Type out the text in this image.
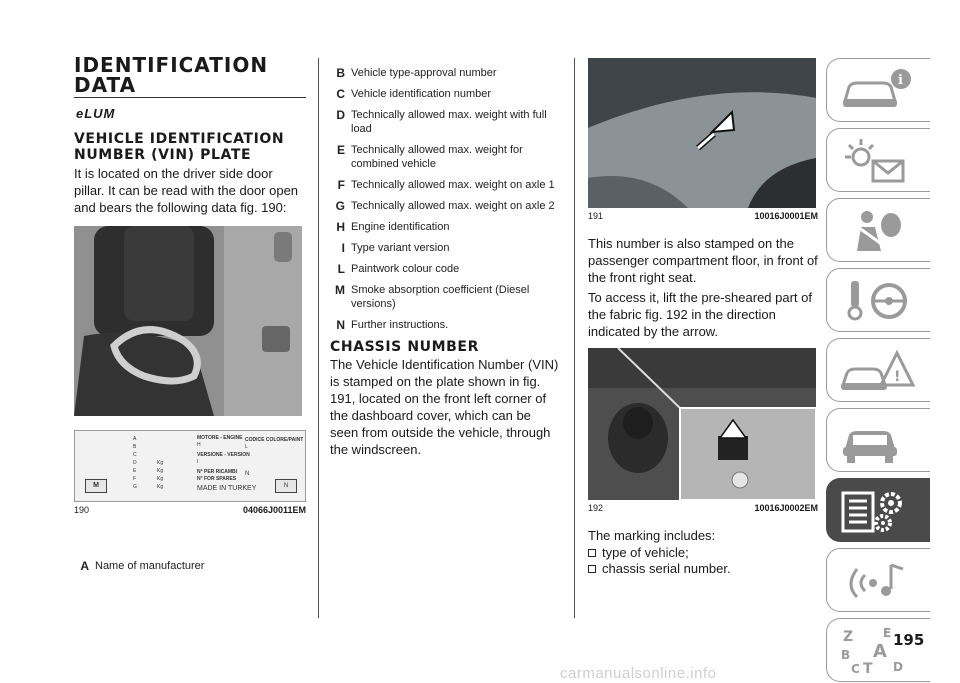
IDENTIFICATION DATA
eLUM
VEHICLE IDENTIFICATION NUMBER (VIN) PLATE
It is located on the driver side door pillar. It can be read with the door open and bears the following data fig. 190:
A
B
C
D
E
F
G
Kg
Kg
Kg
Kg
MOTORE - ENGINE
H
VERSIONE - VERSION
I
N° PER RICAMBI
N° FOR SPARES
MADE IN TURKEY
N
CODICE COLORE/PAINT
L
M	N
190	04066J0011EM
A Name of manufacturer
B Vehicle type-approval number
C Vehicle identification number
D Technically allowed max. weight with full load
E Technically allowed max. weight for combined vehicle
F Technically allowed max. weight on axle 1
G Technically allowed max. weight on axle 2
H Engine identification
I Type variant version
L Paintwork colour code
M Smoke absorption coefficient (Diesel versions)
N Further instructions.
CHASSIS NUMBER
The Vehicle Identification Number (VIN) is stamped on the plate shown in fig. 191, located on the front left corner of the dashboard cover, which can be seen from outside the vehicle, through the windscreen.
191	10016J0001EM
This number is also stamped on the passenger compartment floor, in front of the front right seat.
To access it, lift the pre-sheared part of the fabric fig. 192 in the direction indicated by the arrow.
192	10016J0002EM
The marking includes:
type of vehicle;
chassis serial number.
i
!
Z E
A
B
C T D
195
carmanualsonline.info
